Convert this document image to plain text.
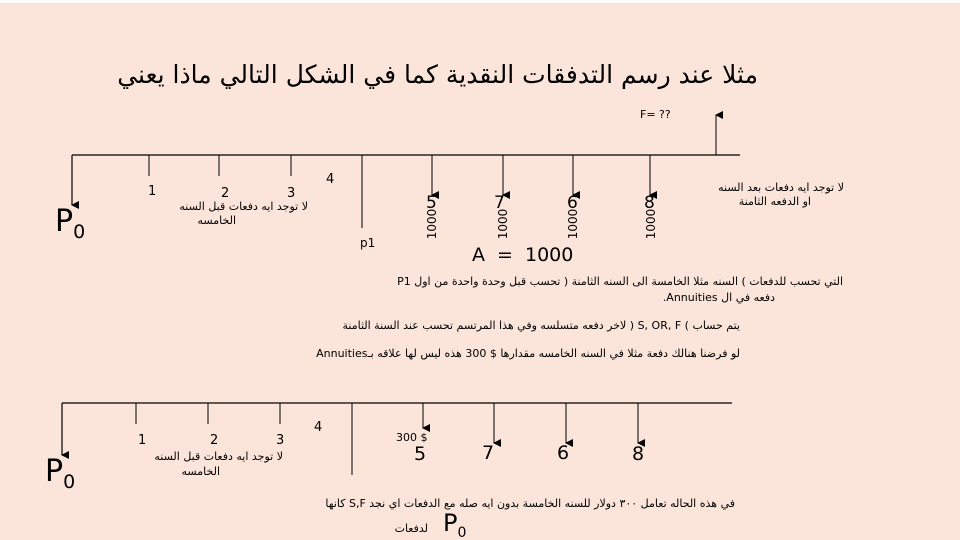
مثلا عند رسم التدفقات النقدية كما في الشكل التالي ماذا يعني
F= ??
$P_0$
1	2	3
4
لا توجد ايه دفعات قبل السنه
الخامسه
p1
5	7	6	8
1000	1000	1000	1000
A = 1000
لا توجد ايه دفعات بعد السنه
او الدفعه الثامنة
P1 التي تحسب للدفعات ) السنه مثلا الخامسة الى السنه الثامنة ( تحسب قبل وحدة واحدة من اول
دفعه في ال Annuities.
يتم حساب ) S, OR, F ( لاخر دفعه متسلسه وفي هذا المرتسم تحسب عند السنة الثامنة
لو فرضنا هنالك دفعة مثلا في السنه الخامسه مقدارها $ 300 هذه ليس لها علاقه بـAnnuities
$P_0$
1	2	3
4
لا توجد ايه دفعات قبل السنه
الخامسه
300 $
5	7	6	8
في هذه الحاله تعامل ٣٠٠ دولار للسنه الخامسة بدون ايه صله مع الدفعات اي نجد S,F كانها
لدفعات $P_0$
